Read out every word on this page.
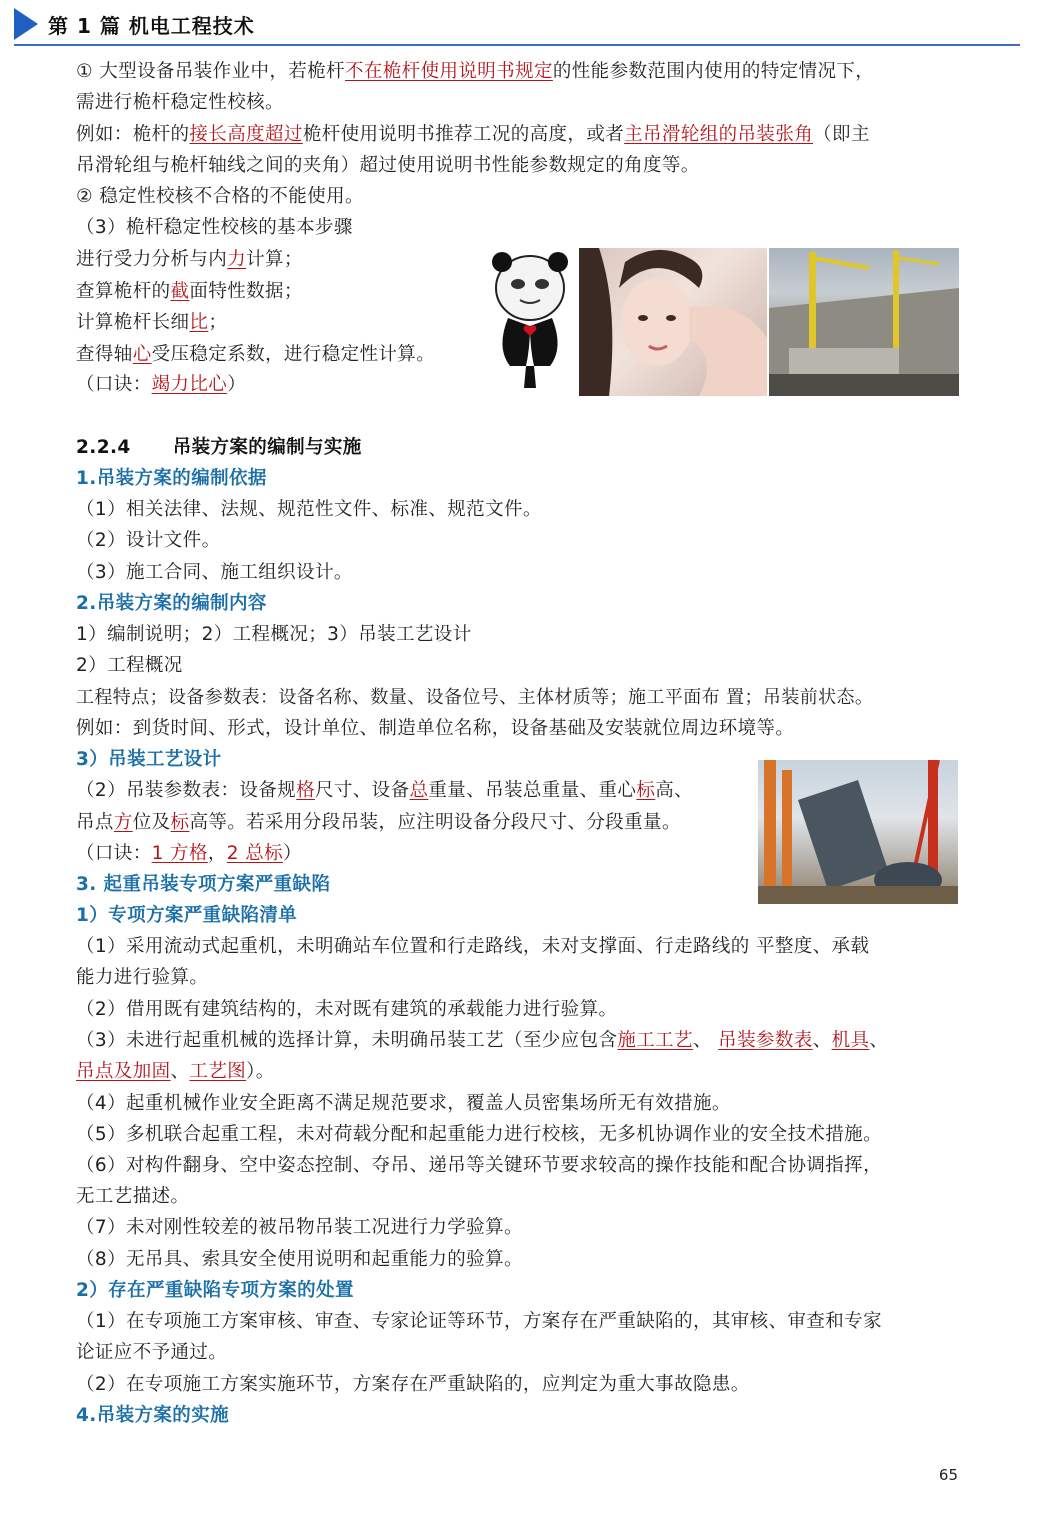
第 1 篇 机电工程技术
① 大型设备吊装作业中，若桅杆不在桅杆使用说明书规定的性能参数范围内使用的特定情况下，
需进行桅杆稳定性校核。
例如：桅杆的接长高度超过桅杆使用说明书推荐工况的高度，或者主吊滑轮组的吊装张角（即主
吊滑轮组与桅杆轴线之间的夹角）超过使用说明书性能参数规定的角度等。
② 稳定性校核不合格的不能使用。
（3）桅杆稳定性校核的基本步骤
进行受力分析与内力计算；
查算桅杆的截面特性数据；
计算桅杆长细比；
查得轴心受压稳定系数，进行稳定性计算。
（口诀：竭力比心）
2.2.4 吊装方案的编制与实施
1.吊装方案的编制依据
（1）相关法律、法规、规范性文件、标准、规范文件。
（2）设计文件。
（3）施工合同、施工组织设计。
2.吊装方案的编制内容
1）编制说明；2）工程概况；3）吊装工艺设计
2）工程概况
工程特点；设备参数表：设备名称、数量、设备位号、主体材质等；施工平面布 置；吊装前状态。
例如：到货时间、形式，设计单位、制造单位名称，设备基础及安装就位周边环境等。
3）吊装工艺设计
（2）吊装参数表：设备规格尺寸、设备总重量、吊装总重量、重心标高、
吊点方位及标高等。若采用分段吊装，应注明设备分段尺寸、分段重量。
（口诀：1 方格，2 总标）
3. 起重吊装专项方案严重缺陷
1）专项方案严重缺陷清单
（1）采用流动式起重机，未明确站车位置和行走路线，未对支撑面、行走路线的 平整度、承载
能力进行验算。
（2）借用既有建筑结构的，未对既有建筑的承载能力进行验算。
（3）未进行起重机械的选择计算，未明确吊装工艺（至少应包含施工工艺、 吊装参数表、机具、
吊点及加固、工艺图）。
（4）起重机械作业安全距离不满足规范要求，覆盖人员密集场所无有效措施。
（5）多机联合起重工程，未对荷载分配和起重能力进行校核，无多机协调作业的安全技术措施。
（6）对构件翻身、空中姿态控制、夺吊、递吊等关键环节要求较高的操作技能和配合协调指挥，
无工艺描述。
（7）未对刚性较差的被吊物吊装工况进行力学验算。
（8）无吊具、索具安全使用说明和起重能力的验算。
2）存在严重缺陷专项方案的处置
（1）在专项施工方案审核、审查、专家论证等环节，方案存在严重缺陷的，其审核、审查和专家
论证应不予通过。
（2）在专项施工方案实施环节，方案存在严重缺陷的，应判定为重大事故隐患。
4.吊装方案的实施
65
